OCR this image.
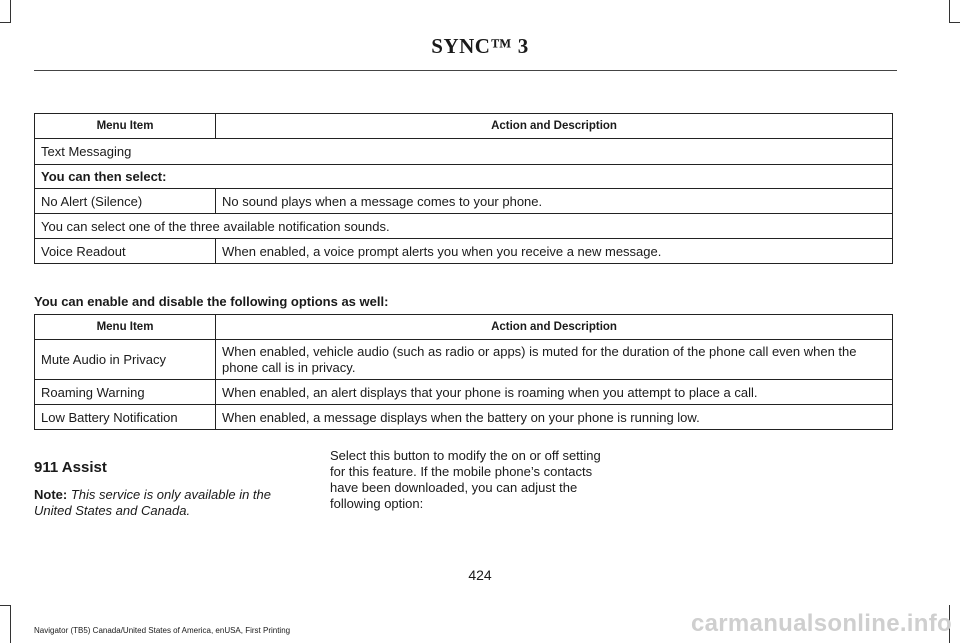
SYNC™ 3
Menu Item	Action and Description
Text Messaging	
You can then select:	
No Alert (Silence)	No sound plays when a message comes to your phone.
You can select one of the three available notification sounds.	
Voice Readout	When enabled, a voice prompt alerts you when you receive a new message.
You can enable and disable the following options as well:
Menu Item	Action and Description
Mute Audio in Privacy	When enabled, vehicle audio (such as radio or apps) is muted for the duration of the phone call even when the phone call is in privacy.
Roaming Warning	When enabled, an alert displays that your phone is roaming when you attempt to place a call.
Low Battery Notification	When enabled, a message displays when the battery on your phone is running low.
911 Assist
Note: This service is only available in the United States and Canada.
Select this button to modify the on or off setting for this feature. If the mobile phone’s contacts have been downloaded, you can adjust the following option:
424
Navigator (TB5) Canada/United States of America, enUSA, First Printing	carmanualsonline.info
